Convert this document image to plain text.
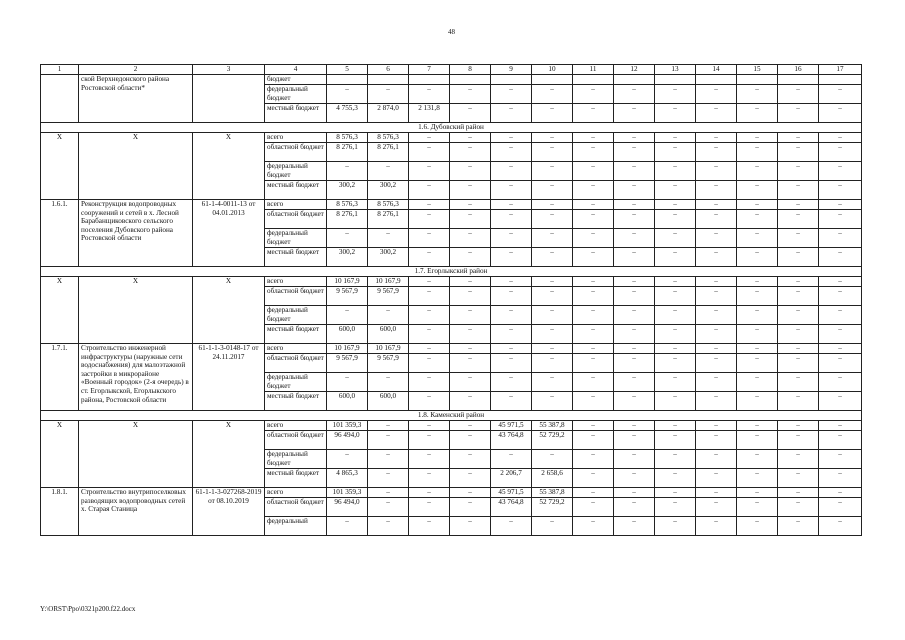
48
1	2	3	4	5	6	7	8	9	10	11	12	13	14	15	16	17
	ской Верхнедонского района Ростовской области*		бюджет													
			федеральный бюджет	–	–	–	–	–	–	–	–	–	–	–	–	–
			местный бюджет	4 755,3	2 874,0	2 131,8	–	–	–	–	–	–	–	–	–	–
1.6. Дубовский район																
Х	Х	Х	всего	8 576,3	8 576,3	–	–	–	–	–	–	–	–	–	–	–
			областной бюджет	8 276,1	8 276,1	–	–	–	–	–	–	–	–	–	–	–
			федеральный бюджет	–	–	–	–	–	–	–	–	–	–	–	–	–
			местный бюджет	300,2	300,2	–	–	–	–	–	–	–	–	–	–	–
1.6.1.	Реконструкция водопроводных сооружений и сетей в х. Лесной Барабанщиковского сельского поселения Дубовского района Ростовской области	61-1-4-0011-13 от 04.01.2013	всего	8 576,3	8 576,3	–	–	–	–	–	–	–	–	–	–	–
			областной бюджет	8 276,1	8 276,1	–	–	–	–	–	–	–	–	–	–	–
			федеральный бюджет	–	–	–	–	–	–	–	–	–	–	–	–	–
			местный бюджет	300,2	300,2	–	–	–	–	–	–	–	–	–	–	–
1.7. Егорлыкский район																
Х	Х	Х	всего	10 167,9	10 167,9	–	–	–	–	–	–	–	–	–	–	–
			областной бюджет	9 567,9	9 567,9	–	–	–	–	–	–	–	–	–	–	–
			федеральный бюджет	–	–	–	–	–	–	–	–	–	–	–	–	–
			местный бюджет	600,0	600,0	–	–	–	–	–	–	–	–	–	–	–
1.7.1.	Строительство инженерной инфраструктуры (наружные сети водоснабжения) для малоэтажной застройки в микрорайоне «Военный городок» (2-я очередь) в ст. Егорлыкской, Егорлыкского района, Ростовской области	61-1-1-3-0148-17 от 24.11.2017	всего	10 167,9	10 167,9	–	–	–	–	–	–	–	–	–	–	–
			областной бюджет	9 567,9	9 567,9	–	–	–	–	–	–	–	–	–	–	–
			федеральный бюджет	–	–	–	–	–	–	–	–	–	–	–	–	–
			местный бюджет	600,0	600,0	–	–	–	–	–	–	–	–	–	–	–
1.8. Каменский район																
Х	Х	Х	всего	101 359,3	–	–	–	45 971,5	55 387,8	–	–	–	–	–	–	–
			областной бюджет	96 494,0	–	–	–	43 764,8	52 729,2	–	–	–	–	–	–	–
			федеральный бюджет	–	–	–	–	–	–	–	–	–	–	–	–	–
			местный бюджет	4 865,3	–	–	–	2 206,7	2 658,6	–	–	–	–	–	–	–
1.8.1.	Строительство внутрипоселковых разводящих водопроводных сетей х. Старая Станица	61-1-1-3-027268-2019 от 08.10.2019	всего	101 359,3	–	–	–	45 971,5	55 387,8	–	–	–	–	–	–	–
			областной бюджет	96 494,0	–	–	–	43 764,8	52 729,2	–	–	–	–	–	–	–
			федеральный	–	–	–	–	–	–	–	–	–	–	–	–	–
Y:\ORST\Ppo\0321p200.f22.docx
